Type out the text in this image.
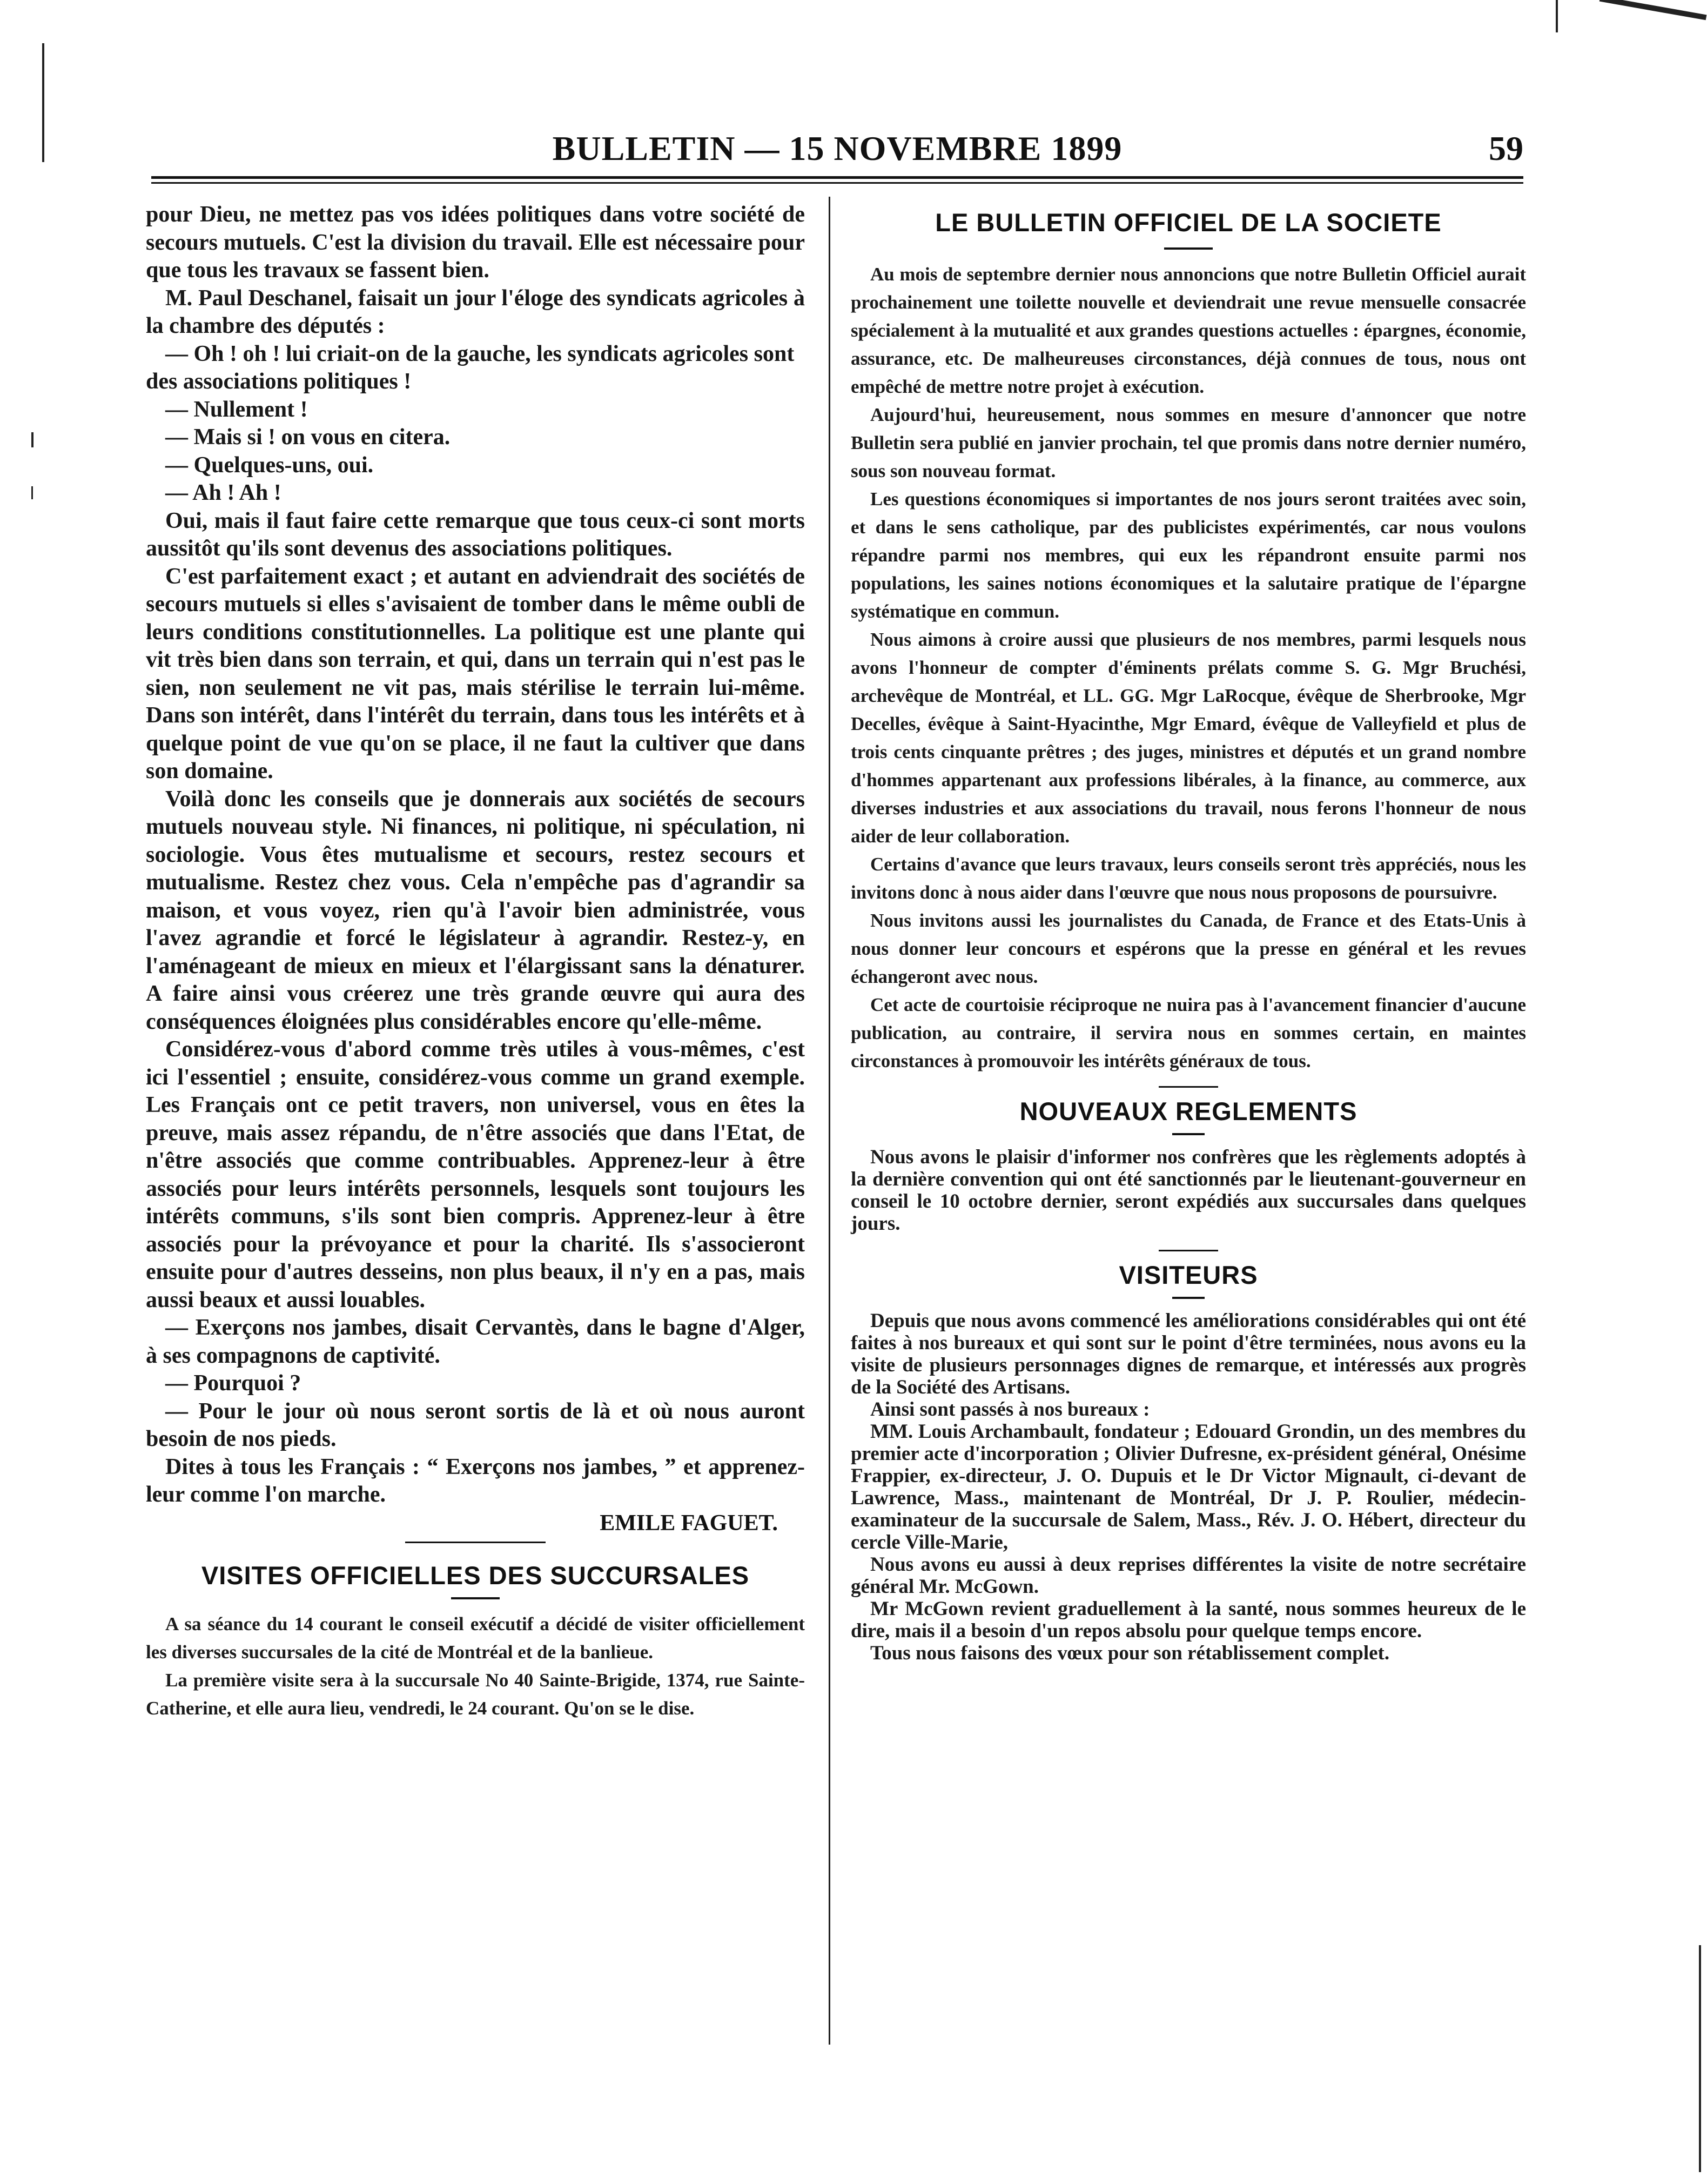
BULLETIN — 15 NOVEMBRE 1899	59

pour Dieu, ne mettez pas vos idées politiques dans votre société de secours mutuels. C'est la division du travail. Elle est nécessaire pour que tous les travaux se fassent bien.

M. Paul Deschanel, faisait un jour l'éloge des syndicats agricoles à la chambre des députés :

— Oh ! oh ! lui criait-on de la gauche, les syndicats agricoles sont des associations politiques !

— Nullement !

— Mais si ! on vous en citera.

— Quelques-uns, oui.

— Ah ! Ah !

Oui, mais il faut faire cette remarque que tous ceux-ci sont morts aussitôt qu'ils sont devenus des associations politiques.

C'est parfaitement exact ; et autant en adviendrait des sociétés de secours mutuels si elles s'avisaient de tomber dans le même oubli de leurs conditions constitutionnelles. La politique est une plante qui vit très bien dans son terrain, et qui, dans un terrain qui n'est pas le sien, non seulement ne vit pas, mais stérilise le terrain lui-même. Dans son intérêt, dans l'intérêt du terrain, dans tous les intérêts et à quelque point de vue qu'on se place, il ne faut la cultiver que dans son domaine.

Voilà donc les conseils que je donnerais aux sociétés de secours mutuels nouveau style. Ni finances, ni politique, ni spéculation, ni sociologie. Vous êtes mutualisme et secours, restez secours et mutualisme. Restez chez vous. Cela n'empêche pas d'agrandir sa maison, et vous voyez, rien qu'à l'avoir bien administrée, vous l'avez agrandie et forcé le législateur à agrandir. Restez-y, en l'aménageant de mieux en mieux et l'élargissant sans la dénaturer. A faire ainsi vous créerez une très grande œuvre qui aura des conséquences éloignées plus considérables encore qu'elle-même.

Considérez-vous d'abord comme très utiles à vous-mêmes, c'est ici l'essentiel ; ensuite, considérez-vous comme un grand exemple. Les Français ont ce petit travers, non universel, vous en êtes la preuve, mais assez répandu, de n'être associés que dans l'Etat, de n'être associés que comme contribuables. Apprenez-leur à être associés pour leurs intérêts personnels, lesquels sont toujours les intérêts communs, s'ils sont bien compris. Apprenez-leur à être associés pour la prévoyance et pour la charité. Ils s'associeront ensuite pour d'autres desseins, non plus beaux, il n'y en a pas, mais aussi beaux et aussi louables.

— Exerçons nos jambes, disait Cervantès, dans le bagne d'Alger, à ses compagnons de captivité.

— Pourquoi ?

— Pour le jour où nous seront sortis de là et où nous auront besoin de nos pieds.

Dites à tous les Français : “ Exerçons nos jambes, ” et apprenez-leur comme l'on marche.

EMILE FAGUET.
VISITES OFFICIELLES DES SUCCURSALES

A sa séance du 14 courant le conseil exécutif a décidé de visiter officiellement les diverses succursales de la cité de Montréal et de la banlieue.

La première visite sera à la succursale No 40 Sainte-Brigide, 1374, rue Sainte-Catherine, et elle aura lieu, vendredi, le 24 courant. Qu'on se le dise.

LE BULLETIN OFFICIEL DE LA SOCIETE

Au mois de septembre dernier nous annoncions que notre Bulletin Officiel aurait prochainement une toilette nouvelle et deviendrait une revue mensuelle consacrée spécialement à la mutualité et aux grandes questions actuelles : épargnes, économie, assurance, etc. De malheureuses circonstances, déjà connues de tous, nous ont empêché de mettre notre projet à exécution.

Aujourd'hui, heureusement, nous sommes en mesure d'annoncer que notre Bulletin sera publié en janvier prochain, tel que promis dans notre dernier numéro, sous son nouveau format.

Les questions économiques si importantes de nos jours seront traitées avec soin, et dans le sens catholique, par des publicistes expérimentés, car nous voulons répandre parmi nos membres, qui eux les répandront ensuite parmi nos populations, les saines notions économiques et la salutaire pratique de l'épargne systématique en commun.

Nous aimons à croire aussi que plusieurs de nos membres, parmi lesquels nous avons l'honneur de compter d'éminents prélats comme S. G. Mgr Bruchési, archevêque de Montréal, et LL. GG. Mgr LaRocque, évêque de Sherbrooke, Mgr Decelles, évêque à Saint-Hyacinthe, Mgr Emard, évêque de Valleyfield et plus de trois cents cinquante prêtres ; des juges, ministres et députés et un grand nombre d'hommes appartenant aux professions libérales, à la finance, au commerce, aux diverses industries et aux associations du travail, nous ferons l'honneur de nous aider de leur collaboration.

Certains d'avance que leurs travaux, leurs conseils seront très appréciés, nous les invitons donc à nous aider dans l'œuvre que nous nous proposons de poursuivre.

Nous invitons aussi les journalistes du Canada, de France et des Etats-Unis à nous donner leur concours et espérons que la presse en général et les revues échangeront avec nous.

Cet acte de courtoisie réciproque ne nuira pas à l'avancement financier d'aucune publication, au contraire, il servira nous en sommes certain, en maintes circonstances à promouvoir les intérêts généraux de tous.

NOUVEAUX REGLEMENTS

Nous avons le plaisir d'informer nos confrères que les règlements adoptés à la dernière convention qui ont été sanctionnés par le lieutenant-gouverneur en conseil le 10 octobre dernier, seront expédiés aux succursales dans quelques jours.

VISITEURS

Depuis que nous avons commencé les améliorations considérables qui ont été faites à nos bureaux et qui sont sur le point d'être terminées, nous avons eu la visite de plusieurs personnages dignes de remarque, et intéressés aux progrès de la Société des Artisans.

Ainsi sont passés à nos bureaux :

MM. Louis Archambault, fondateur ; Edouard Grondin, un des membres du premier acte d'incorporation ; Olivier Dufresne, ex-président général, Onésime Frappier, ex-directeur, J. O. Dupuis et le Dr Victor Mignault, ci-devant de Lawrence, Mass., maintenant de Montréal, Dr J. P. Roulier, médecin-examinateur de la succursale de Salem, Mass., Rév. J. O. Hébert, directeur du cercle Ville-Marie,

Nous avons eu aussi à deux reprises différentes la visite de notre secrétaire général Mr. McGown.

Mr McGown revient graduellement à la santé, nous sommes heureux de le dire, mais il a besoin d'un repos absolu pour quelque temps encore.

Tous nous faisons des vœux pour son rétablissement complet.
